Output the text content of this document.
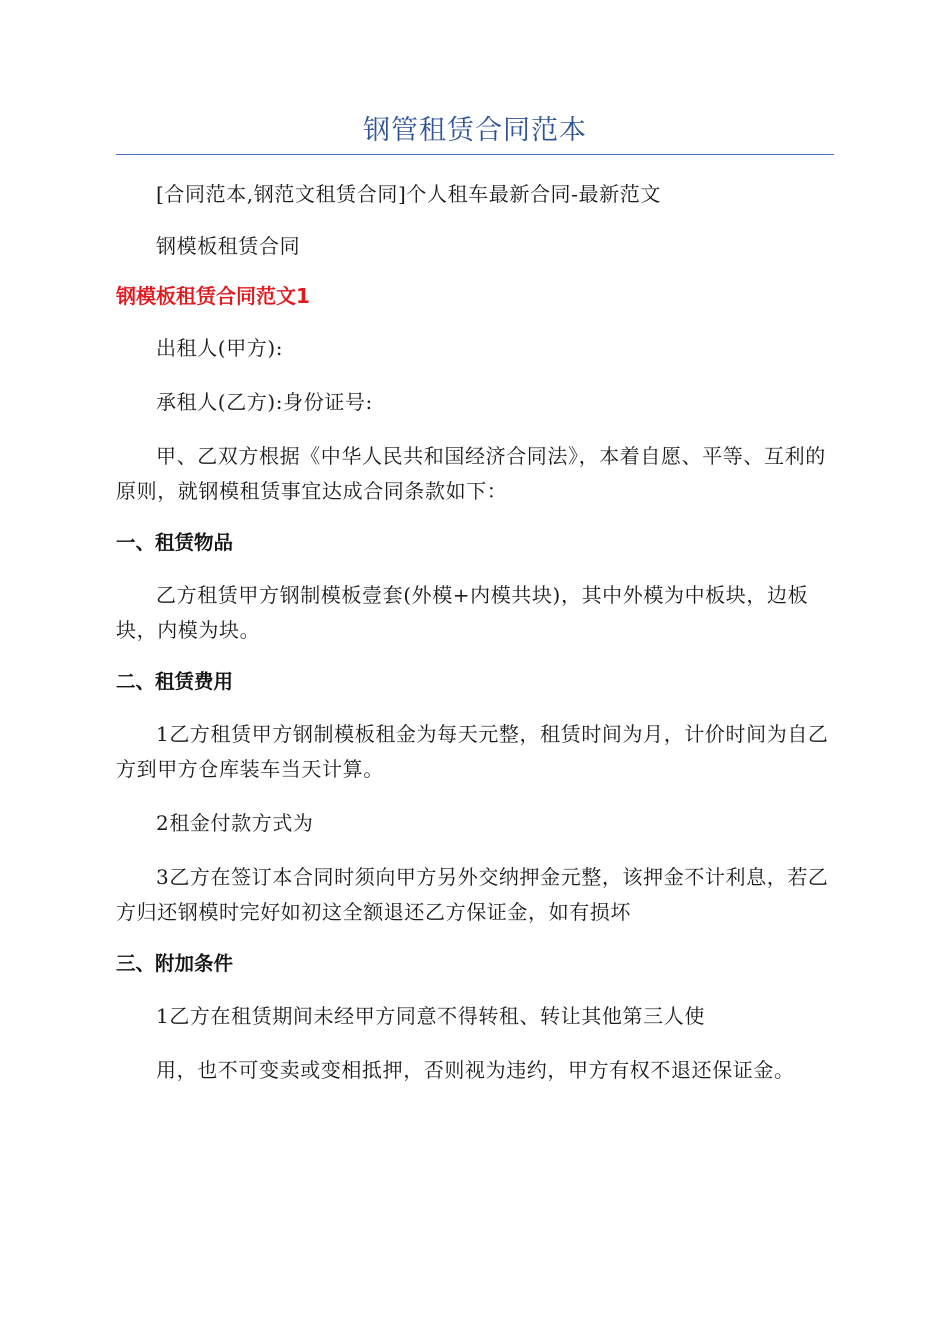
钢管租赁合同范本

[合同范本,钢范文租赁合同]个人租车最新合同-最新范文

钢模板租赁合同

钢模板租赁合同范文1

出租人(甲方):

承租人(乙方):身份证号:

甲、乙双方根据《中华人民共和国经济合同法》，本着自愿、平等、互利的原则，就钢模租赁事宜达成合同条款如下：

一、租赁物品

乙方租赁甲方钢制模板壹套(外模+内模共块)，其中外模为中板块，边板块，内模为块。

二、租赁费用

1乙方租赁甲方钢制模板租金为每天元整，租赁时间为月，计价时间为自乙方到甲方仓库装车当天计算。

2租金付款方式为

3乙方在签订本合同时须向甲方另外交纳押金元整，该押金不计利息，若乙方归还钢模时完好如初这全额退还乙方保证金，如有损坏

三、附加条件

1乙方在租赁期间未经甲方同意不得转租、转让其他第三人使

用，也不可变卖或变相抵押，否则视为违约，甲方有权不退还保证金。
